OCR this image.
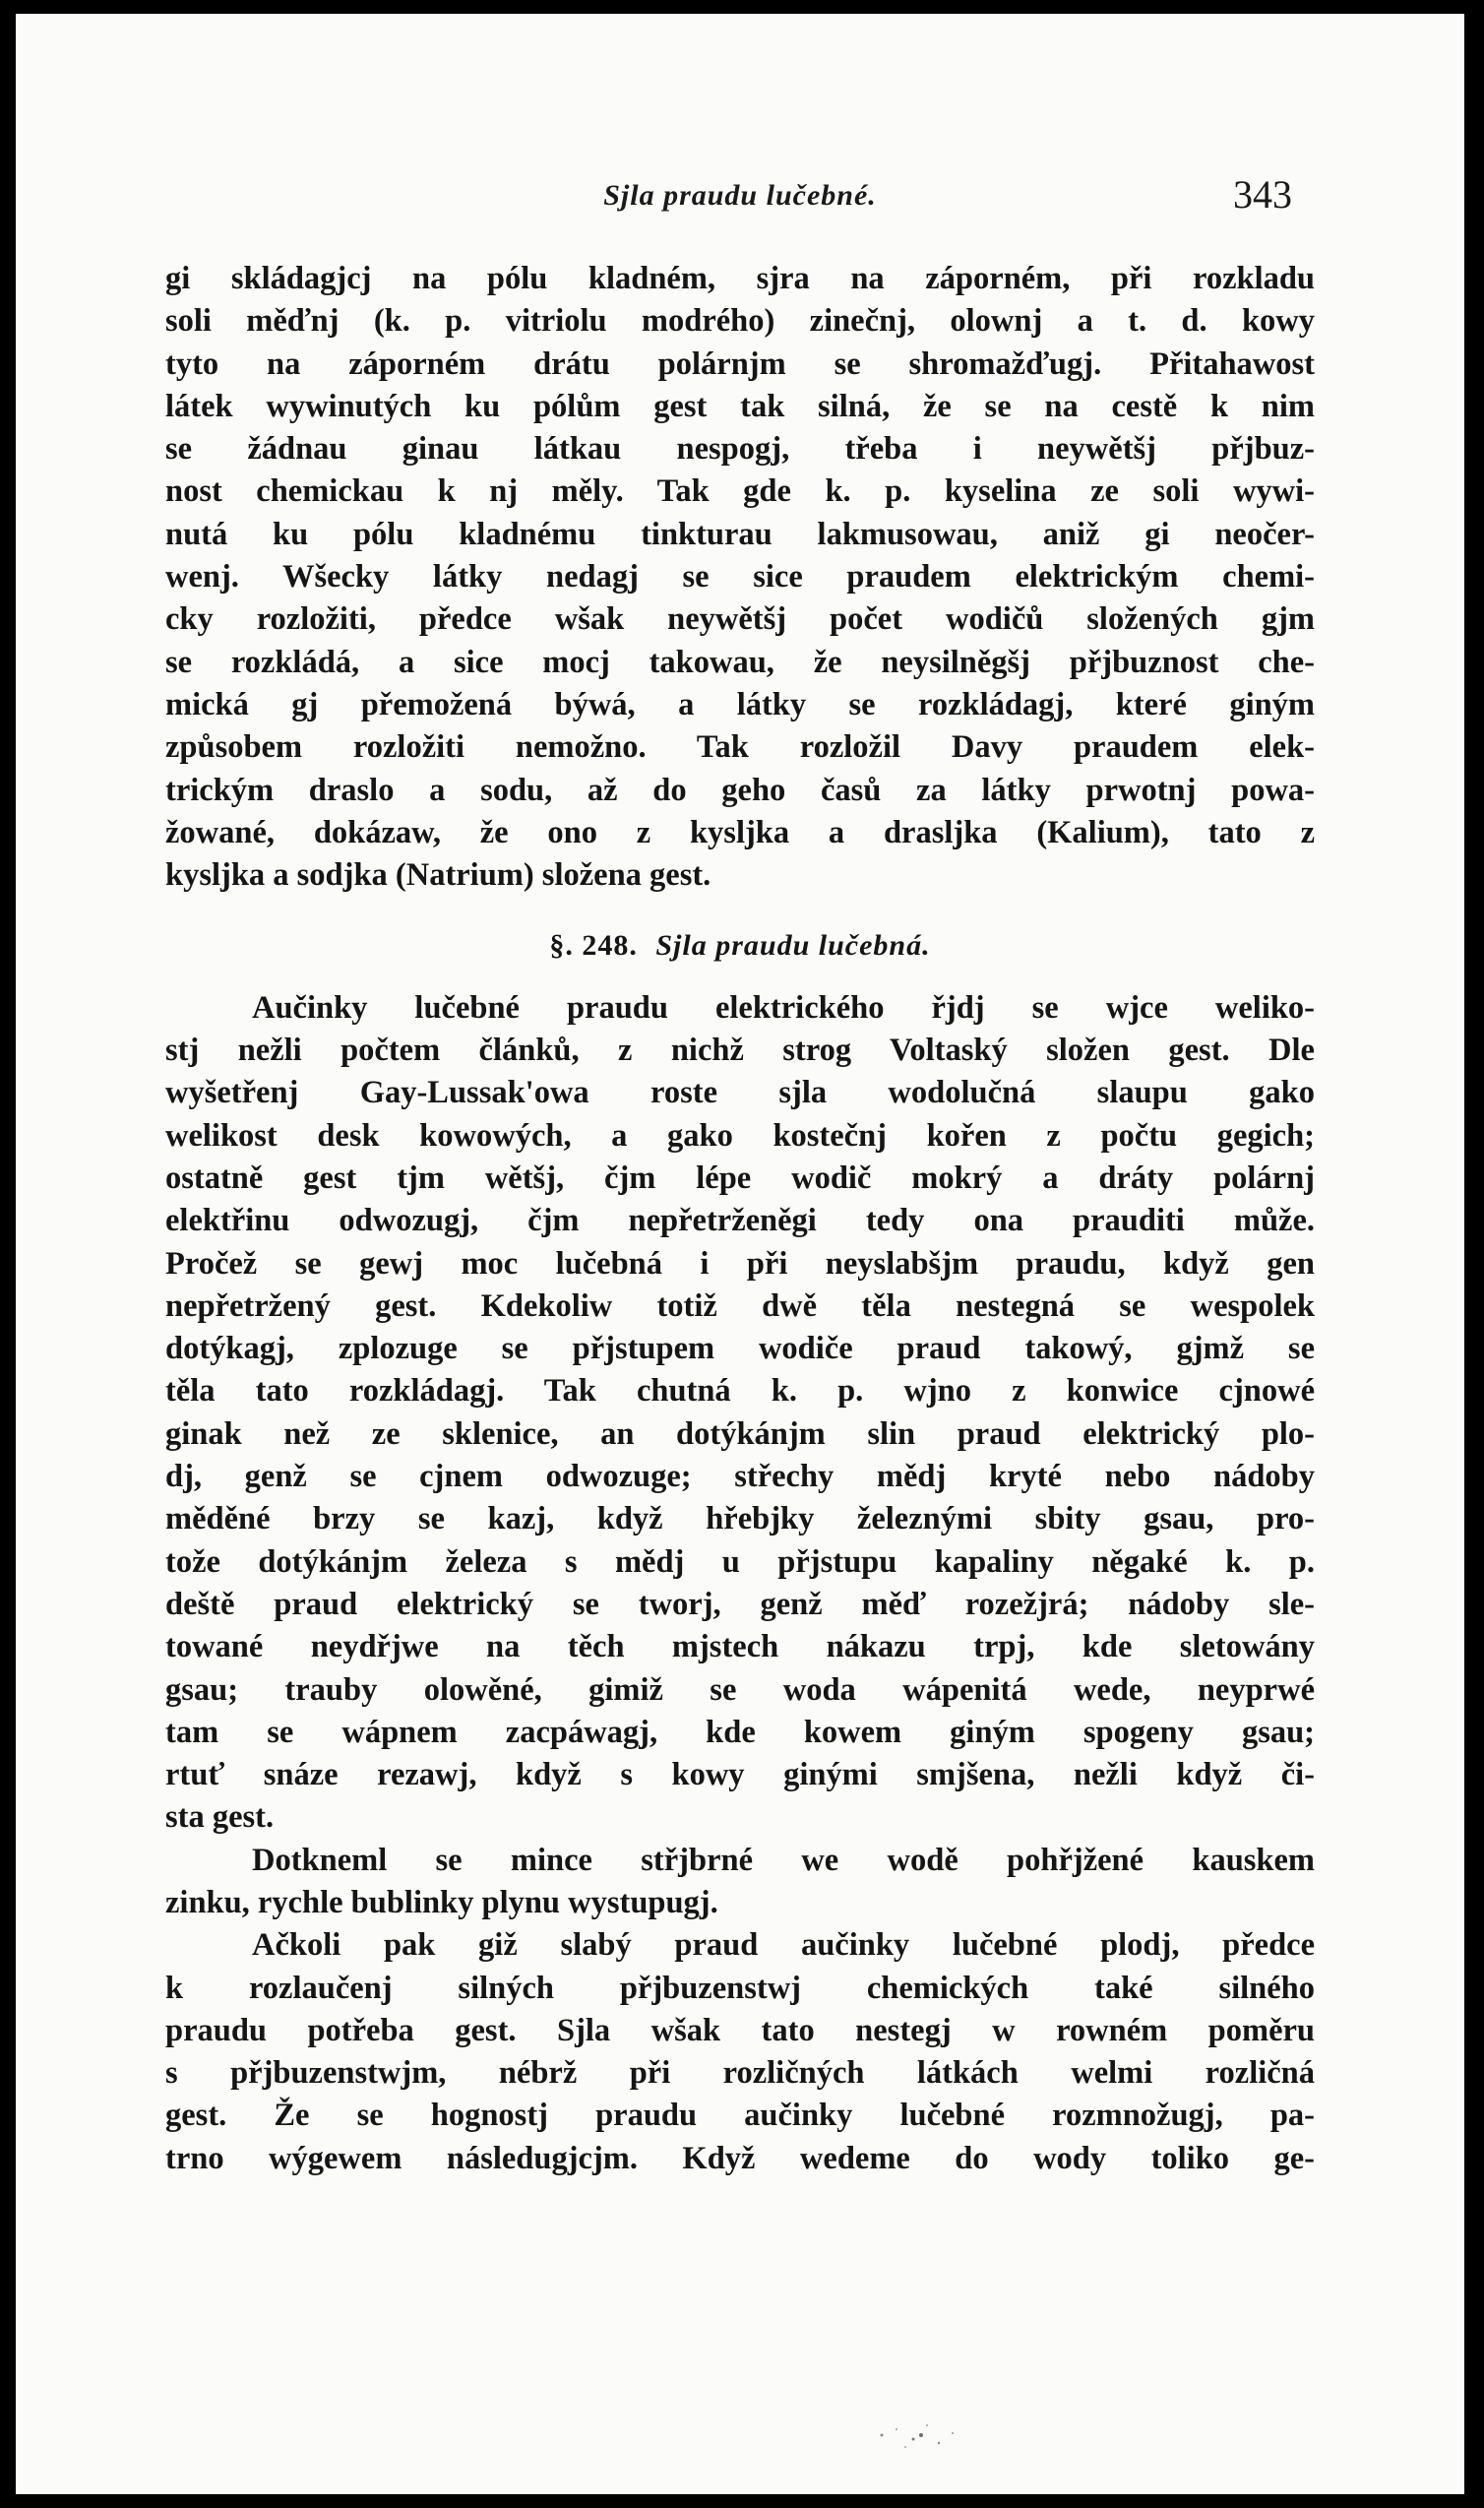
Sjla praudu lučebné.	343
gi skládagjcj na pólu kladném, sjra na záporném, při rozkladu
soli měďnj (k. p. vitriolu modrého) zinečnj, olownj a t. d. kowy
tyto na záporném drátu polárnjm se shromažďugj. Přitahawost
látek wywinutých ku pólům gest tak silná, že se na cestě k nim
se žádnau ginau látkau nespogj, třeba i neywětšj přjbuz-
nost chemickau k nj měly. Tak gde k. p. kyselina ze soli wywi-
nutá ku pólu kladnému tinkturau lakmusowau, aniž gi neočer-
wenj. Wšecky látky nedagj se sice praudem elektrickým chemi-
cky rozložiti, předce wšak neywětšj počet wodičů složených gjm
se rozkládá, a sice mocj takowau, že neysilněgšj přjbuznost che-
mická gj přemožená býwá, a látky se rozkládagj, které giným
způsobem rozložiti nemožno. Tak rozložil Davy praudem elek-
trickým draslo a sodu, až do geho časů za látky prwotnj powa-
žowané, dokázaw, že ono z kysljka a drasljka (Kalium), tato z
kysljka a sodjka (Natrium) složena gest.
§. 248. Sjla praudu lučebná.
Aučinky lučebné praudu elektrického řjdj se wjce weliko-
stj nežli počtem článků, z nichž strog Voltaský složen gest. Dle
wyšetřenj Gay-Lussak'owa roste sjla wodolučná slaupu gako
welikost desk kowowých, a gako kostečnj kořen z počtu gegich;
ostatně gest tjm wětšj, čjm lépe wodič mokrý a dráty polárnj
elektřinu odwozugj, čjm nepřetrženěgi tedy ona prauditi může.
Pročež se gewj moc lučebná i při neyslabšjm praudu, když gen
nepřetržený gest. Kdekoliw totiž dwě těla nestegná se wespolek
dotýkagj, zplozuge se přjstupem wodiče praud takowý, gjmž se
těla tato rozkládagj. Tak chutná k. p. wjno z konwice cjnowé
ginak než ze sklenice, an dotýkánjm slin praud elektrický plo-
dj, genž se cjnem odwozuge; střechy mědj kryté nebo nádoby
měděné brzy se kazj, když hřebjky železnými sbity gsau, pro-
tože dotýkánjm železa s mědj u přjstupu kapaliny něgaké k. p.
deště praud elektrický se tworj, genž měď rozežjrá; nádoby sle-
towané neydřjwe na těch mjstech nákazu trpj, kde sletowány
gsau; trauby olowěné, gimiž se woda wápenitá wede, neyprwé
tam se wápnem zacpáwagj, kde kowem giným spogeny gsau;
rtuť snáze rezawj, když s kowy ginými smjšena, nežli když či-
sta gest.
Dotkneml se mince střjbrné we wodě pohřjžené kauskem
zinku, rychle bublinky plynu wystupugj.
Ačkoli pak giž slabý praud aučinky lučebné plodj, předce
k rozlaučenj silných přjbuzenstwj chemických také silného
praudu potřeba gest. Sjla wšak tato nestegj w rowném poměru
s přjbuzenstwjm, nébrž při rozličných látkách welmi rozličná
gest. Že se hognostj praudu aučinky lučebné rozmnožugj, pa-
trno wýgewem následugjcjm. Když wedeme do wody toliko ge-
